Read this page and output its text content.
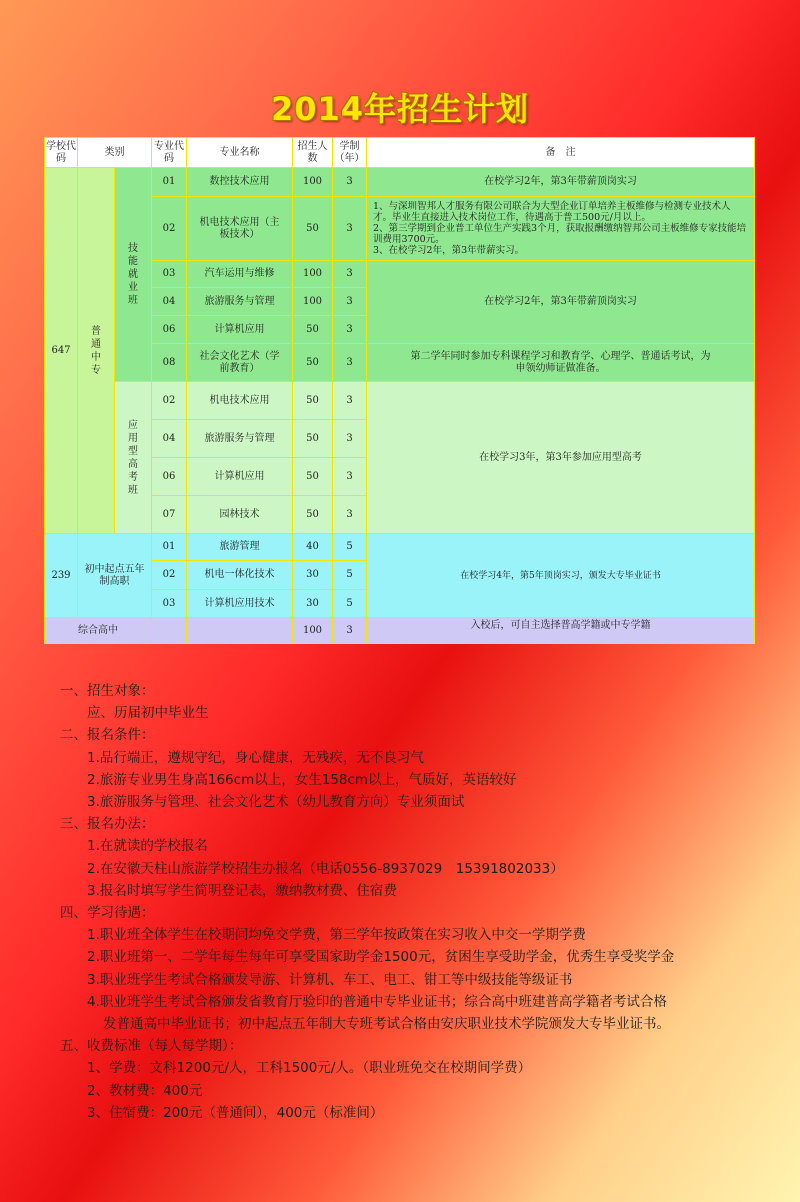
2014年招生计划
学校代码	类别		专业代码	专业名称	招生人数	学制（年）	备　注
647	普通中专	技能就业班	01	数控技术应用	100	3	在校学习2年，第3年带薪顶岗实习
			02	机电技术应用（主板技术）	50	3	1、与深圳智邦人才服务有限公司联合为大型企业订单培养主板维修与检测专业技术人才。毕业生直接进入技术岗位工作，待遇高于普工500元/月以上。
2、第三学期到企业普工单位生产实践3个月，获取报酬缴纳智邦公司主板维修专家技能培训费用3700元。
3、在校学习2年，第3年带薪实习。
			03	汽车运用与维修	100	3	在校学习2年，第3年带薪顶岗实习
			04	旅游服务与管理	100	3	
			06	计算机应用	50	3	
			08	社会文化艺术（学前教育）	50	3	第二学年同时参加专科课程学习和教育学、心理学、普通话考试，为申领幼师证做准备。
		应用型高考班	02	机电技术应用	50	3	在校学习3年，第3年参加应用型高考
			04	旅游服务与管理	50	3	
			06	计算机应用	50	3	
			07	园林技术	50	3	
239	初中起点五年制高职		01	旅游管理	40	5	在校学习4年，第5年顶岗实习，颁发大专毕业证书
			02	机电一体化技术	30	5	
			03	计算机应用技术	30	5	
综合高中					100	3	入校后，可自主选择普高学籍或中专学籍
一、招生对象：
应、历届初中毕业生
二、报名条件：
1.品行端正，遵规守纪，身心健康，无残疾，无不良习气
2.旅游专业男生身高166cm以上，女生158cm以上，气质好，英语较好
3.旅游服务与管理、社会文化艺术（幼儿教育方向）专业须面试
三、报名办法：
1.在就读的学校报名
2.在安徽天柱山旅游学校招生办报名（电话0556-8937029　15391802033）
3.报名时填写学生简明登记表，缴纳教材费、住宿费
四、学习待遇：
1.职业班全体学生在校期间均免交学费，第三学年按政策在实习收入中交一学期学费
2.职业班第一、二学年每生每年可享受国家助学金1500元，贫困生享受助学金，优秀生享受奖学金
3.职业班学生考试合格颁发导游、计算机、车工、电工、钳工等中级技能等级证书
4.职业班学生考试合格颁发省教育厅验印的普通中专毕业证书；综合高中班建普高学籍者考试合格
发普通高中毕业证书；初中起点五年制大专班考试合格由安庆职业技术学院颁发大专毕业证书。
五、收费标准（每人每学期）：
1、学费：文科1200元/人，工科1500元/人。（职业班免交在校期间学费）
2、教材费：400元
3、住宿费：200元（普通间），400元（标准间）
